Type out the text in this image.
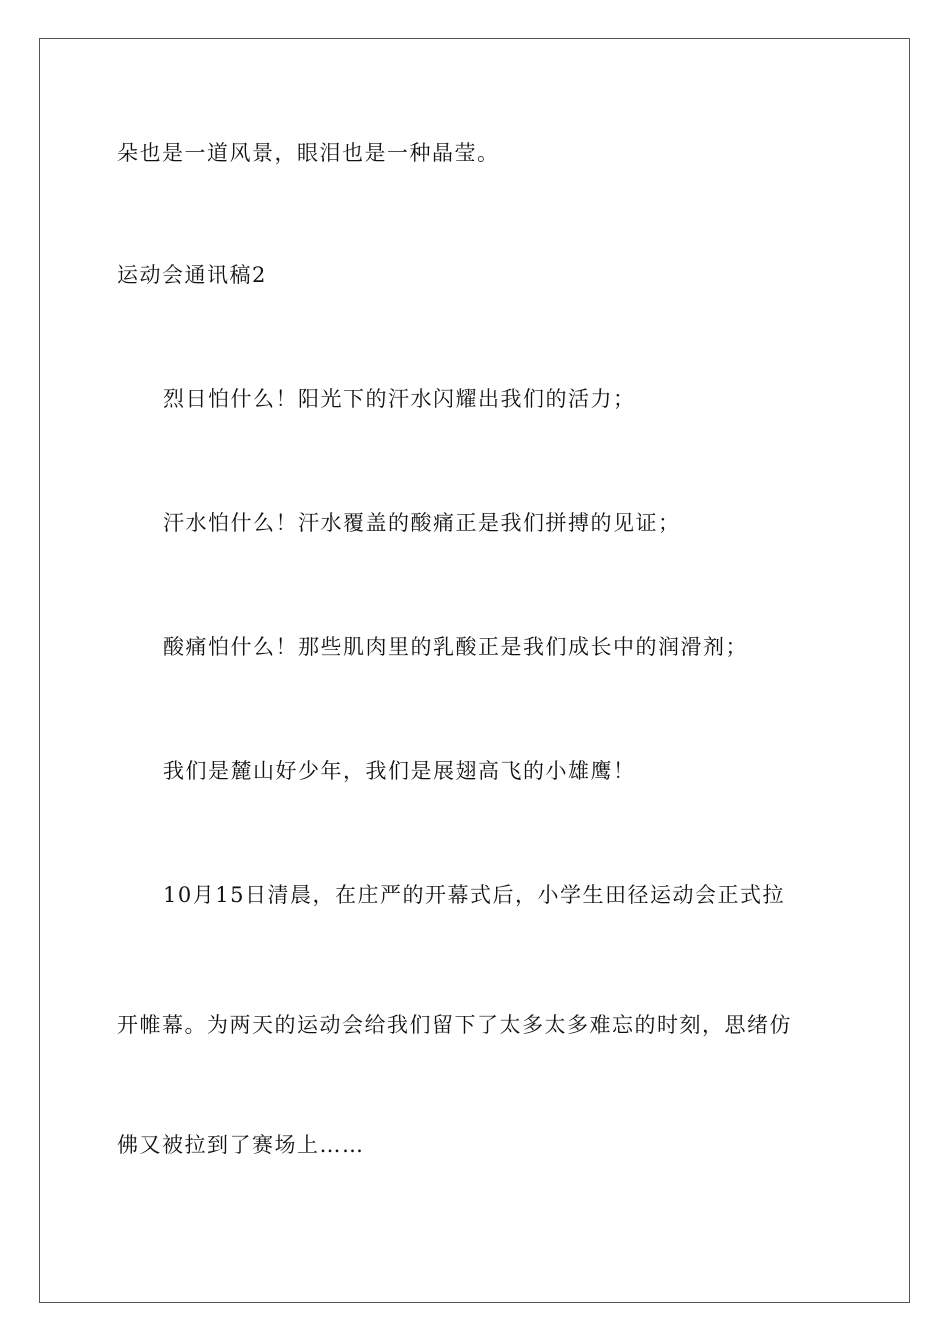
朵也是一道风景，眼泪也是一种晶莹。

运动会通讯稿2

烈日怕什么！阳光下的汗水闪耀出我们的活力；

汗水怕什么！汗水覆盖的酸痛正是我们拼搏的见证；

酸痛怕什么！那些肌肉里的乳酸正是我们成长中的润滑剂；

我们是麓山好少年，我们是展翅高飞的小雄鹰！

10月15日清晨，在庄严的开幕式后，小学生田径运动会正式拉

开帷幕。为两天的运动会给我们留下了太多太多难忘的时刻，思绪仿

佛又被拉到了赛场上……
